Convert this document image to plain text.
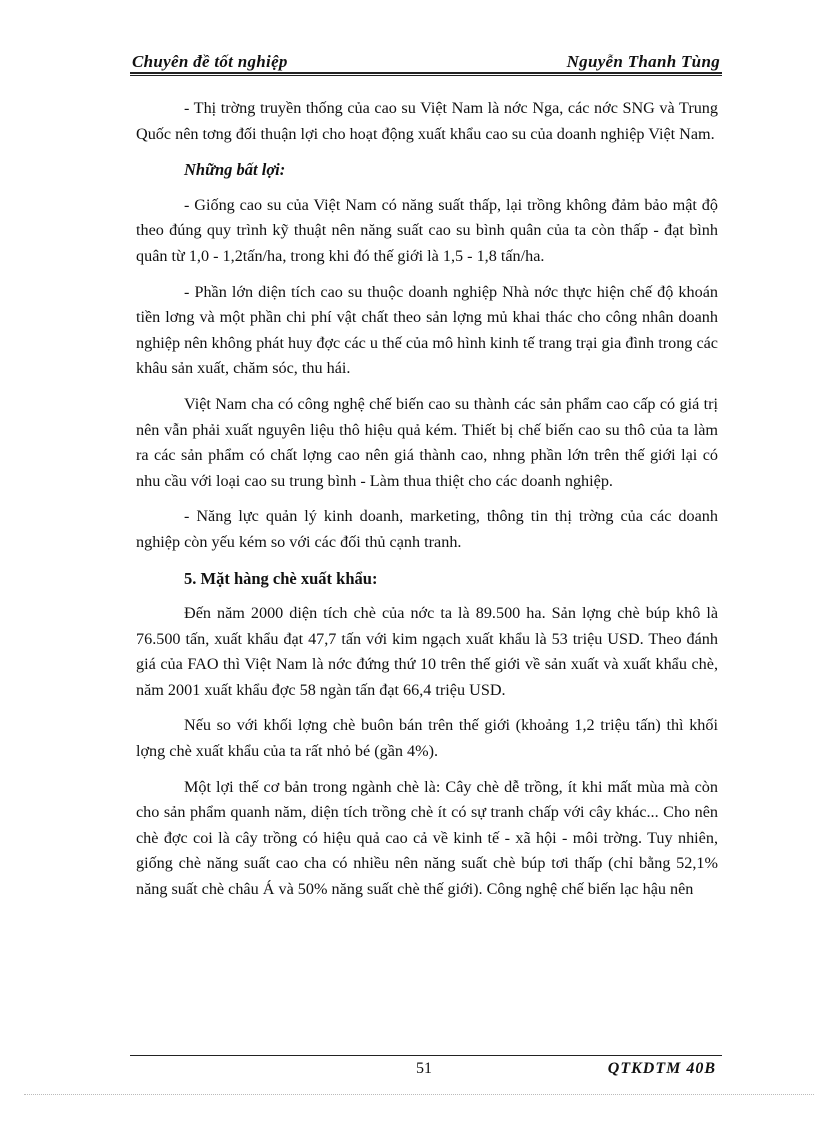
Chuyên đề tốt nghiệp	Nguyễn Thanh Tùng

- Thị trờng truyền thống của cao su Việt Nam là nớc Nga, các nớc SNG và Trung Quốc nên tơng đối thuận lợi cho hoạt động xuất khẩu cao su của doanh nghiệp Việt Nam.

Những bất lợi:

- Giống cao su của Việt Nam có năng suất thấp, lại trồng không đảm bảo mật độ theo đúng quy trình kỹ thuật nên năng suất cao su bình quân của ta còn thấp - đạt bình quân từ 1,0 - 1,2tấn/ha, trong khi đó thế giới là 1,5 - 1,8 tấn/ha.

- Phần lớn diện tích cao su thuộc doanh nghiệp Nhà nớc thực hiện chế độ khoán tiền lơng và một phần chi phí vật chất theo sản lợng mủ khai thác cho công nhân doanh nghiệp nên không phát huy đợc các u thế của mô hình kinh tế trang trại gia đình trong các khâu sản xuất, chăm sóc, thu hái.

Việt Nam cha có công nghệ chế biến cao su thành các sản phẩm cao cấp có giá trị nên vẫn phải xuất nguyên liệu thô hiệu quả kém. Thiết bị chế biến cao su thô của ta làm ra các sản phẩm có chất lợng cao nên giá thành cao, nhng phần lớn trên thế giới lại có nhu cầu với loại cao su trung bình - Làm thua thiệt cho các doanh nghiệp.

- Năng lực quản lý kinh doanh, marketing, thông tin thị trờng của các doanh nghiệp còn yếu kém so với các đối thủ cạnh tranh.

5. Mặt hàng chè xuất khẩu:

Đến năm 2000 diện tích chè của nớc ta là 89.500 ha. Sản lợng chè búp khô là 76.500 tấn, xuất khẩu đạt 47,7 tấn với kim ngạch xuất khẩu là 53 triệu USD. Theo đánh giá của FAO thì Việt Nam là nớc đứng thứ 10 trên thế giới về sản xuất và xuất khẩu chè, năm 2001 xuất khẩu đợc 58 ngàn tấn đạt 66,4 triệu USD.

Nếu so với khối lợng chè buôn bán trên thế giới (khoảng 1,2 triệu tấn) thì khối lợng chè xuất khẩu của ta rất nhỏ bé (gần 4%).

Một lợi thế cơ bản trong ngành chè là: Cây chè dễ trồng, ít khi mất mùa mà còn cho sản phẩm quanh năm, diện tích trồng chè ít có sự tranh chấp với cây khác... Cho nên chè đợc coi là cây trồng có hiệu quả cao cả về kinh tế - xã hội - môi trờng. Tuy nhiên, giống chè năng suất cao cha có nhiều nên năng suất chè búp tơi thấp (chỉ bằng 52,1% năng suất chè châu Á và 50% năng suất chè thế giới). Công nghệ chế biến lạc hậu nên

51	QTKDTM 40B
